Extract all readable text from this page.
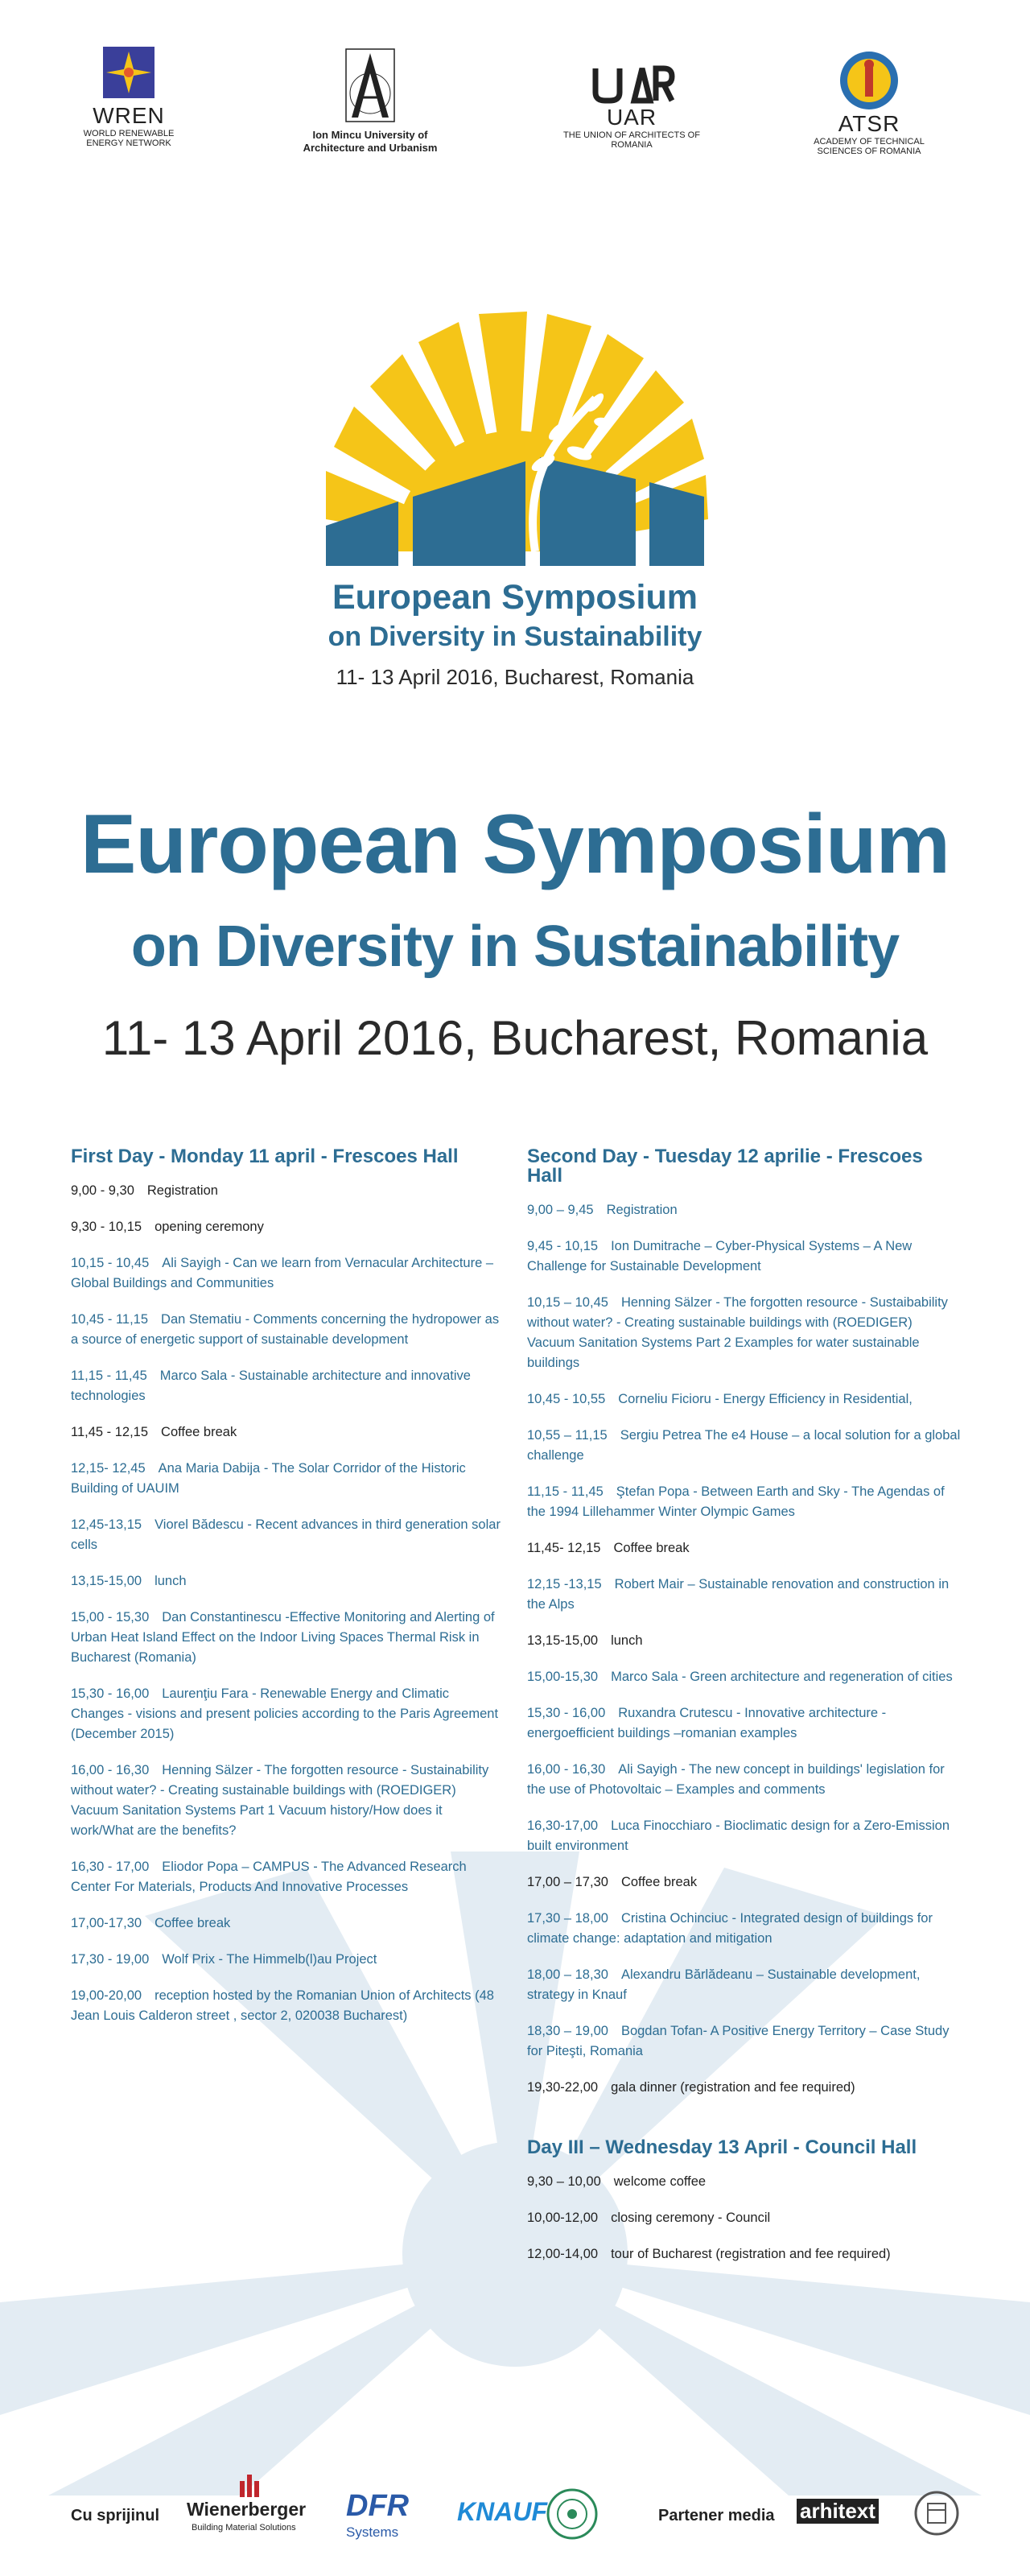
WREN
WORLD RENEWABLE ENERGY NETWORK
Ion Mincu University of Architecture and Urbanism
UAR
THE UNION OF ARCHITECTS OF ROMANIA
ATSR
ACADEMY OF TECHNICAL SCIENCES OF ROMANIA
European Symposium
on Diversity in Sustainability
11- 13 April 2016, Bucharest, Romania
European Symposium
on Diversity in Sustainability
11- 13 April 2016, Bucharest, Romania
First Day - Monday 11 april - Frescoes Hall
9,00 - 9,30 Registration
9,30 - 10,15 opening ceremony
10,15 - 10,45 Ali Sayigh - Can we learn from Vernacular Architecture – Global Buildings and Communities
10,45 - 11,15 Dan Stematiu - Comments concerning the hydropower as a source of energetic support of sustainable development
11,15 - 11,45 Marco Sala - Sustainable architecture and innovative technologies
11,45 - 12,15 Coffee break
12,15- 12,45 Ana Maria Dabija - The Solar Corridor of the Historic Building of UAUIM
12,45-13,15 Viorel Bădescu - Recent advances in third generation solar cells
13,15-15,00 lunch
15,00 - 15,30 Dan Constantinescu -Effective Monitoring and Alerting of Urban Heat Island Effect on the Indoor Living Spaces Thermal Risk in Bucharest (Romania)
15,30 - 16,00 Laurenţiu Fara - Renewable Energy and Climatic Changes - visions and present policies according to the Paris Agreement (December 2015)
16,00 - 16,30 Henning Sälzer - The forgotten resource - Sustainability without water? - Creating sustainable buildings with (ROEDIGER) Vacuum Sanitation Systems Part 1 Vacuum history/How does it work/What are the benefits?
16,30 - 17,00 Eliodor Popa – CAMPUS - The Advanced Research Center For Materials, Products And Innovative Processes
17,00-17,30 Coffee break
17,30 - 19,00 Wolf Prix - The Himmelb(l)au Project
19,00-20,00 reception hosted by the Romanian Union of Architects (48 Jean Louis Calderon street , sector 2, 020038 Bucharest)
Second Day - Tuesday 12 aprilie - Frescoes Hall
9,00 – 9,45 Registration
9,45 - 10,15 Ion Dumitrache – Cyber-Physical Systems – A New Challenge for Sustainable Development
10,15 – 10,45 Henning Sälzer - The forgotten resource - Sustaibability without water? - Creating sustainable buildings with (ROEDIGER) Vacuum Sanitation Systems Part 2 Examples for water sustainable buildings
10,45 - 10,55 Corneliu Ficioru - Energy Efficiency in Residential,
10,55 – 11,15 Sergiu Petrea The e4 House – a local solution for a global challenge
11,15 - 11,45 Ştefan Popa - Between Earth and Sky - The Agendas of the 1994 Lillehammer Winter Olympic Games
11,45- 12,15 Coffee break
12,15 -13,15 Robert Mair – Sustainable renovation and construction in the Alps
13,15-15,00 lunch
15,00-15,30 Marco Sala - Green architecture and regeneration of cities
15,30 - 16,00 Ruxandra Crutescu - Innovative architecture - energoefficient buildings –romanian examples
16,00 - 16,30 Ali Sayigh - The new concept in buildings' legislation for the use of Photovoltaic – Examples and comments
16,30-17,00 Luca Finocchiaro - Bioclimatic design for a Zero-Emission built environment
17,00 – 17,30 Coffee break
17,30 – 18,00 Cristina Ochinciuc - Integrated design of buildings for climate change: adaptation and mitigation
18,00 – 18,30 Alexandru Bărlădeanu – Sustainable development, strategy in Knauf
18,30 – 19,00 Bogdan Tofan- A Positive Energy Territory – Case Study for Piteşti, Romania
19,30-22,00 gala dinner (registration and fee required)
Day III – Wednesday 13 April - Council Hall
9,30 – 10,00 welcome coffee
10,00-12,00 closing ceremony - Council
12,00-14,00 tour of Bucharest (registration and fee required)
Cu sprijinul Wienerberger
Building Material Solutions
DFR
Systems
KNAUF	Partener media arhitext
